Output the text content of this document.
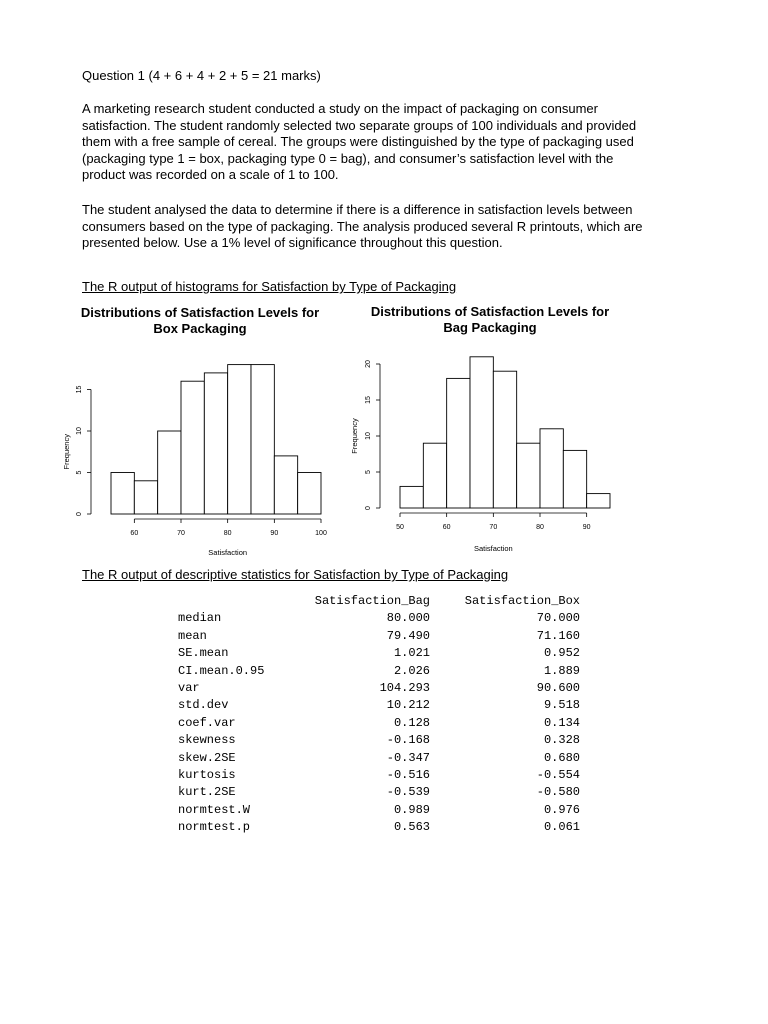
Question 1 (4 + 6 + 4 + 2 + 5 = 21 marks)
A marketing research student conducted a study on the impact of packaging on consumer
satisfaction. The student randomly selected two separate groups of 100 individuals and provided
them with a free sample of cereal. The groups were distinguished by the type of packaging used
(packaging type 1 = box, packaging type 0 = bag), and consumer’s satisfaction level with the
product was recorded on a scale of 1 to 100.
The student analysed the data to determine if there is a difference in satisfaction levels between
consumers based on the type of packaging. The analysis produced several R printouts, which are
presented below. Use a 1% level of significance throughout this question.
The R output of histograms for Satisfaction by Type of Packaging
Distributions of Satisfaction Levels for
Box Packaging
Distributions of Satisfaction Levels for
Bag Packaging
60	70	80	90	100
0
5
10
15
Satisfaction
Frequency
50	60	70	80	90
0
5
10
15
20
Satisfaction
Frequency
The R output of descriptive statistics for Satisfaction by Type of Packaging
	Satisfaction_Bag	Satisfaction_Box
median	80.000	70.000
mean	79.490	71.160
SE.mean	1.021	0.952
CI.mean.0.95	2.026	1.889
var	104.293	90.600
std.dev	10.212	9.518
coef.var	0.128	0.134
skewness	-0.168	0.328
skew.2SE	-0.347	0.680
kurtosis	-0.516	-0.554
kurt.2SE	-0.539	-0.580
normtest.W	0.989	0.976
normtest.p	0.563	0.061
